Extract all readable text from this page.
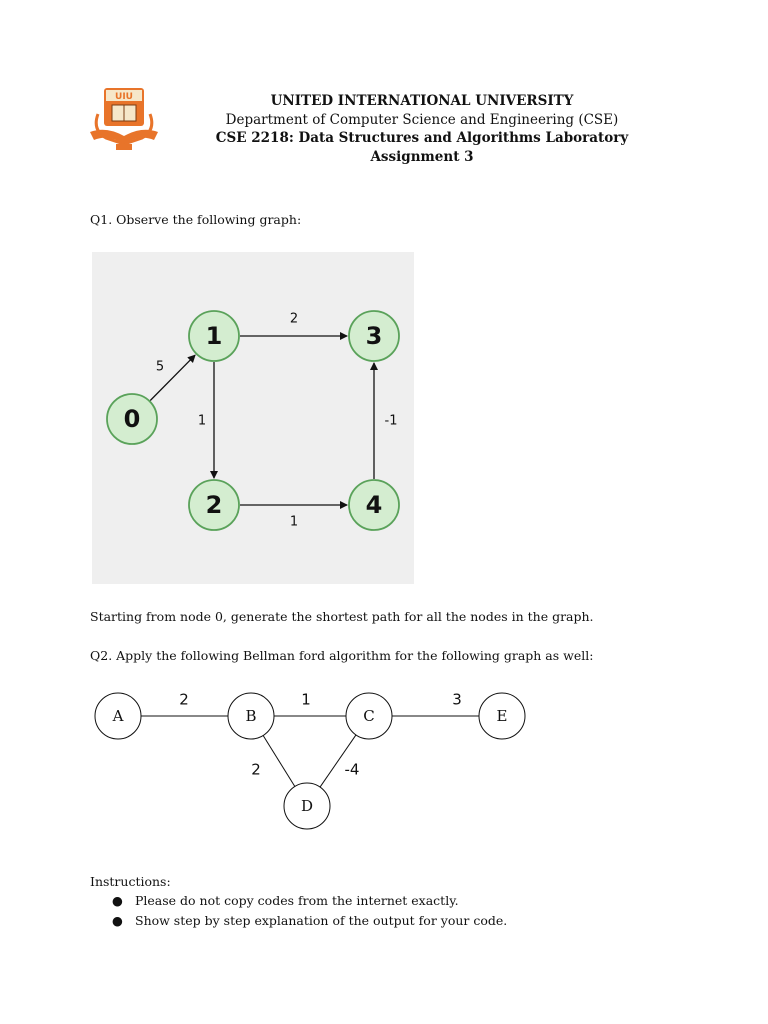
UIU	UNITED INTERNATIONAL UNIVERSITY
Department of Computer Science and Engineering (CSE)
CSE 2218: Data Structures and Algorithms Laboratory
Assignment 3
Q1. Observe the following graph:
5
2
1
1
-1
0
1
2
3
4
Starting from node 0, generate the shortest path for all the nodes in the graph.
Q2. Apply the following Bellman ford algorithm for the following graph as well:
2	1	3
2	-4
A	B	C
D
E
Instructions:
● Please do not copy codes from the internet exactly.
● Show step by step explanation of the output for your code.
